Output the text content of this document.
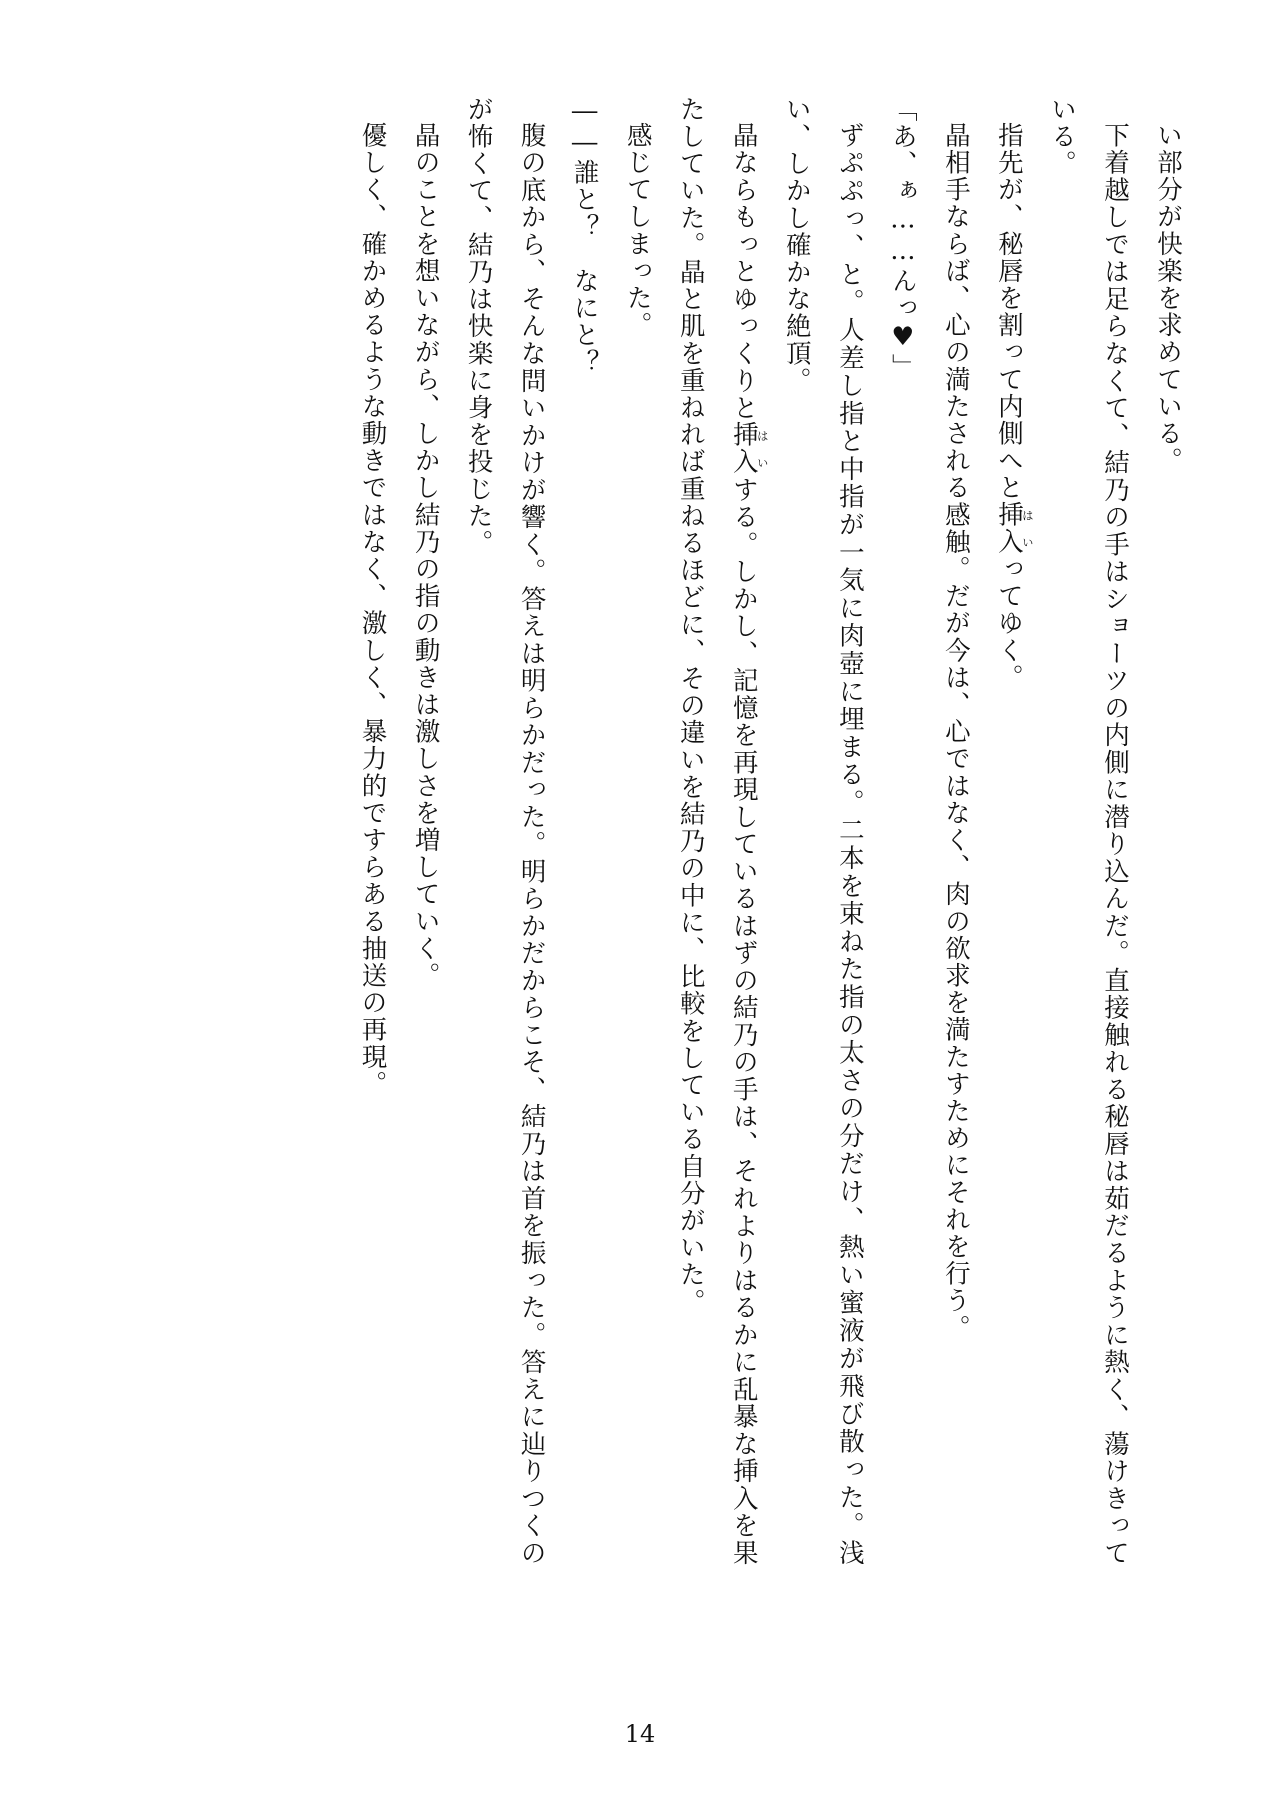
い部分が快楽を求めている。

下着越しでは足らなくて、結乃の手はショーツの内側に潜り込んだ。直接触れる秘唇は茹だるように熱く、蕩けきっている。

指先が、秘唇を割って内側へと挿入はいってゆく。

晶相手ならば、心の満たされる感触。だが今は、心ではなく、肉の欲求を満たすためにそれを行う。

「あ、ぁ……んっ♥」

ずぷぷっ、と。人差し指と中指が一気に肉壺に埋まる。二本を束ねた指の太さの分だけ、熱い蜜液が飛び散った。浅い、しかし確かな絶頂。

晶ならもっとゆっくりと挿入はいする。しかし、記憶を再現しているはずの結乃の手は、それよりはるかに乱暴な挿入を果たしていた。晶と肌を重ねれば重ねるほどに、その違いを結乃の中に、比較をしている自分がいた。

感じてしまった。

――誰と？　なにと？

腹の底から、そんな問いかけが響く。答えは明らかだった。明らかだからこそ、結乃は首を振った。答えに辿りつくのが怖くて、結乃は快楽に身を投じた。

晶のことを想いながら、しかし結乃の指の動きは激しさを増していく。

優しく、確かめるような動きではなく、激しく、暴力的ですらある抽送の再現。

14
